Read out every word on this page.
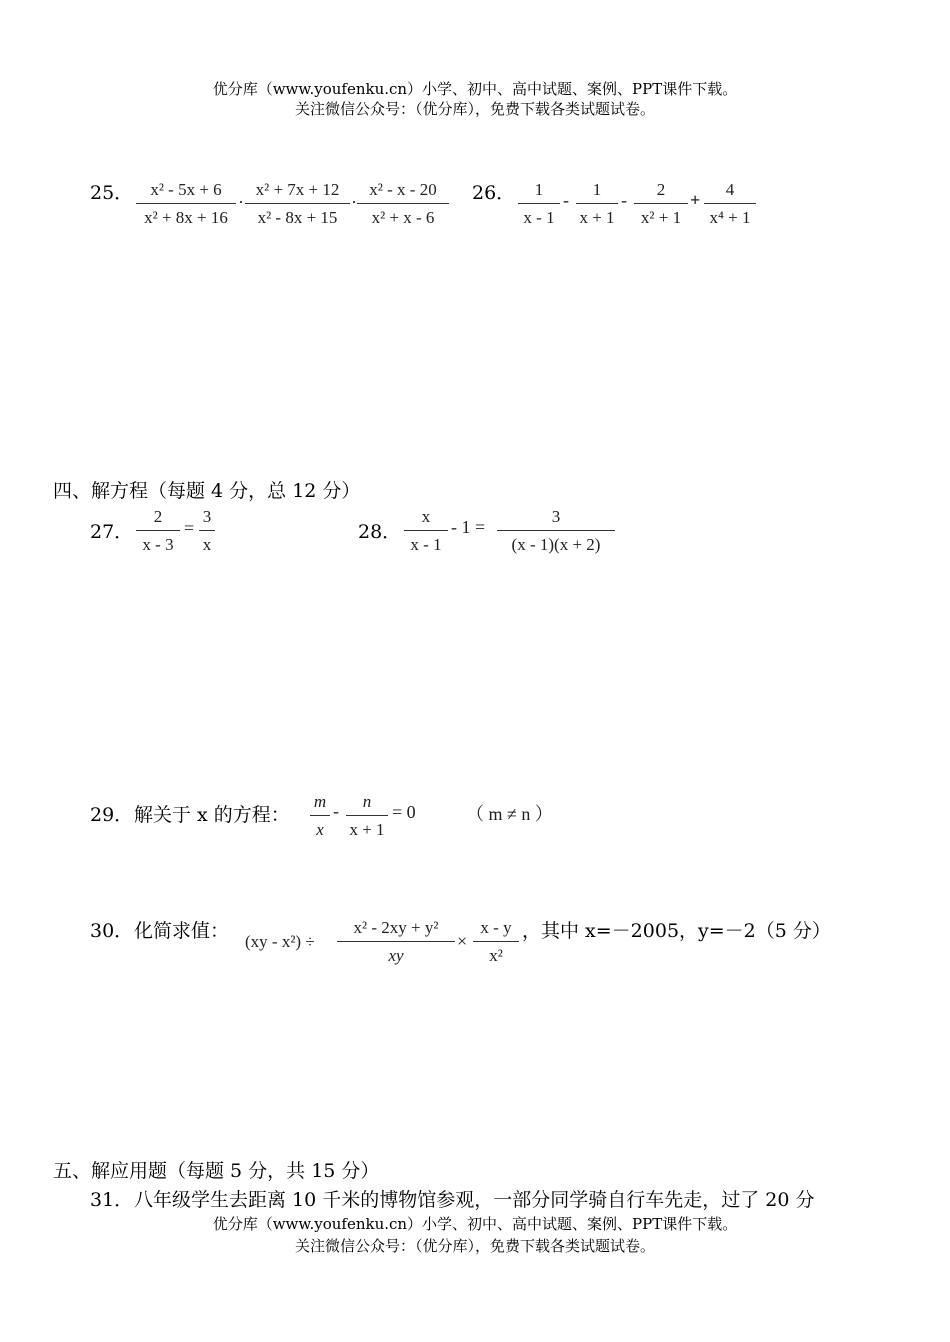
优分库（www.youfenku.cn）小学、初中、高中试题、案例、PPT课件下载。
关注微信公众号：（优分库），免费下载各类试题试卷。
25．	x² - 5x + 6
x² + 8x + 16
·
x² + 7x + 12
x² - 8x + 15
·
x² - x - 20
x² + x - 6
26．	1
x - 1
-
1
x + 1
-
2
x² + 1
+
4
x⁴ + 1
四、解方程（每题 4 分，总 12 分）
27．
2
x - 3
=
3
x
28．
x
x - 1
- 1 =
3
(x - 1)(x + 2)
29． 解关于 x 的方程：
m
x
-	n
x + 1
= 0	（ m ≠ n ）
30． 化简求值： (xy - x²) ÷
x² - 2xy + y²
xy
×
x - y
x²
，其中 x=－2005，y=－2（5 分）
五、解应用题（每题 5 分，共 15 分）
31． 八年级学生去距离 10 千米的博物馆参观，一部分同学骑自行车先走，过了 20 分
优分库（www.youfenku.cn）小学、初中、高中试题、案例、PPT课件下载。
关注微信公众号：（优分库），免费下载各类试题试卷。
